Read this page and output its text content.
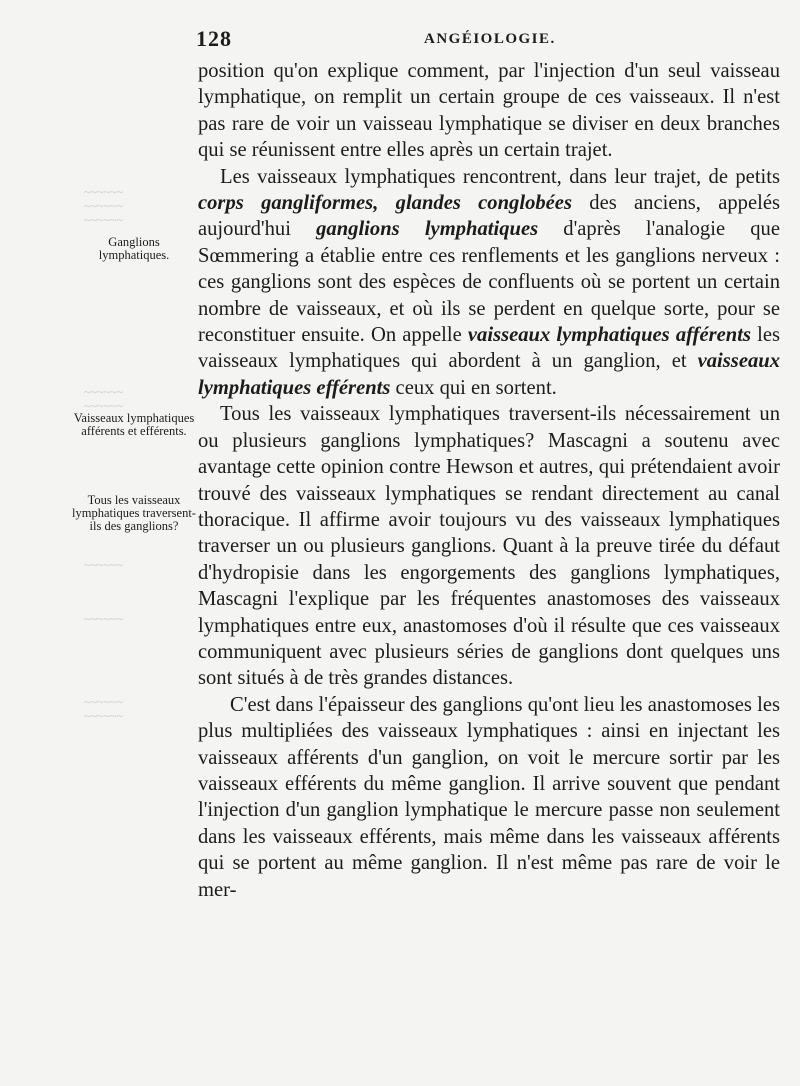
128	ANGÉIOLOGIE.
~~~~~~
~~~~~~
~~~~~~
~~~~~~
~~~~~~
~~~~~~
~~~~~~
~~~~~~
~~~~~~
Ganglions lymphatiques.
Vaisseaux lymphatiques afférents et efférents.
Tous les vaisseaux lymphatiques traversent-ils des ganglions?

position qu'on explique comment, par l'injection d'un seul vaisseau lymphatique, on remplit un certain groupe de ces vaisseaux. Il n'est pas rare de voir un vaisseau lymphatique se diviser en deux branches qui se réunissent entre elles après un certain trajet.

Les vaisseaux lymphatiques rencontrent, dans leur trajet, de petits corps gangliformes, glandes conglobées des anciens, appelés aujourd'hui ganglions lymphatiques d'après l'analogie que Sœmmering a établie entre ces renflements et les ganglions nerveux : ces ganglions sont des espèces de confluents où se portent un certain nombre de vaisseaux, et où ils se perdent en quelque sorte, pour se reconstituer ensuite. On appelle vaisseaux lymphatiques afférents les vaisseaux lymphatiques qui abordent à un ganglion, et vaisseaux lymphatiques efférents ceux qui en sortent.

Tous les vaisseaux lymphatiques traversent-ils nécessairement un ou plusieurs ganglions lymphatiques? Mascagni a soutenu avec avantage cette opinion contre Hewson et autres, qui prétendaient avoir trouvé des vaisseaux lymphatiques se rendant directement au canal thoracique. Il affirme avoir toujours vu des vaisseaux lymphatiques traverser un ou plusieurs ganglions. Quant à la preuve tirée du défaut d'hydropisie dans les engorgements des ganglions lymphatiques, Mascagni l'explique par les fréquentes anastomoses des vaisseaux lymphatiques entre eux, anastomoses d'où il résulte que ces vaisseaux communiquent avec plusieurs séries de ganglions dont quelques uns sont situés à de très grandes distances.

C'est dans l'épaisseur des ganglions qu'ont lieu les anastomoses les plus multipliées des vaisseaux lymphatiques : ainsi en injectant les vaisseaux afférents d'un ganglion, on voit le mercure sortir par les vaisseaux efférents du même ganglion. Il arrive souvent que pendant l'injection d'un ganglion lymphatique le mercure passe non seulement dans les vaisseaux efférents, mais même dans les vaisseaux afférents qui se portent au même ganglion. Il n'est même pas rare de voir le mer-
